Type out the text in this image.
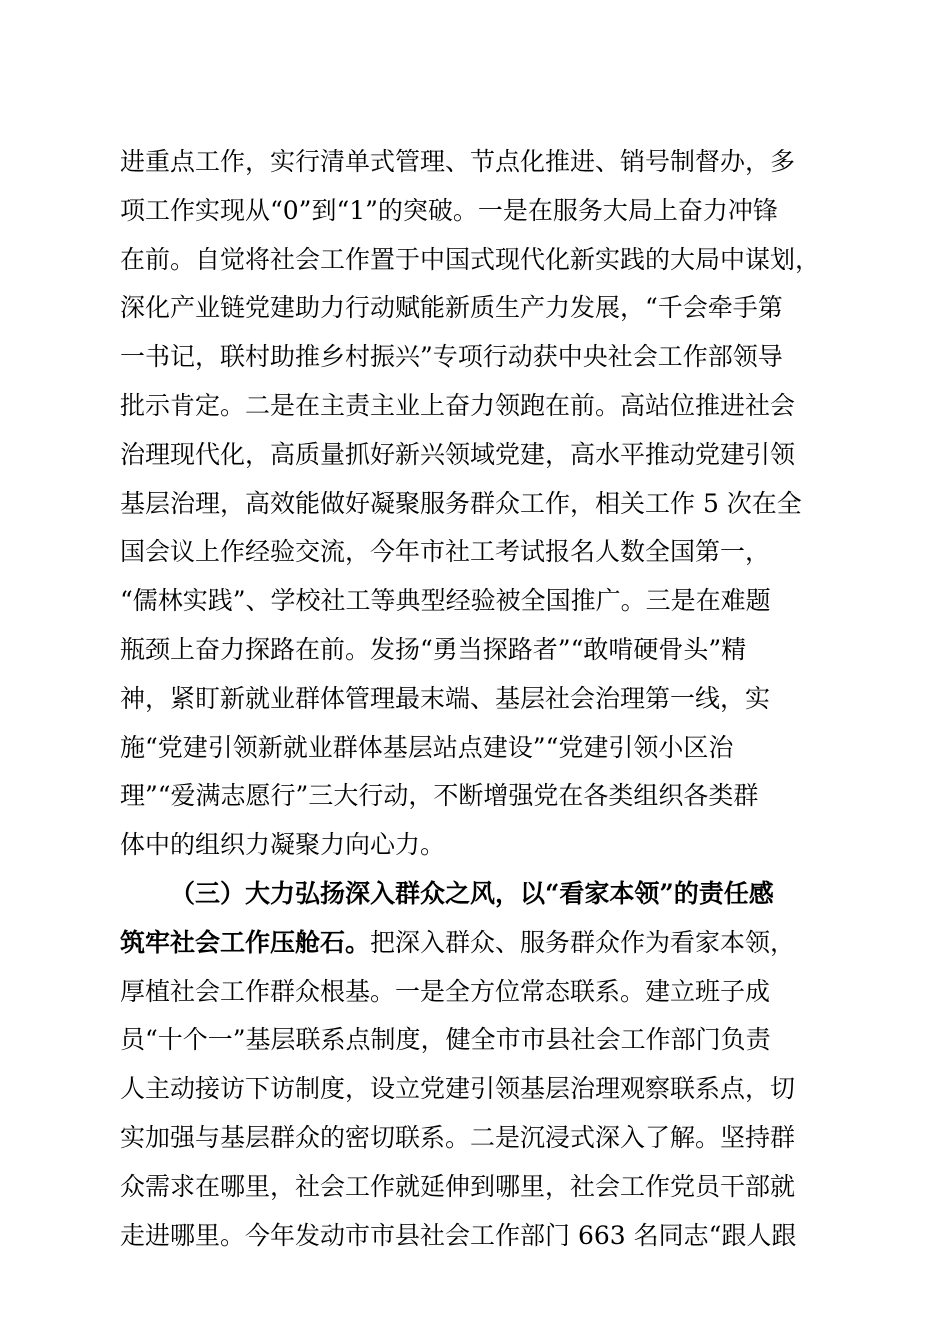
进重点工作，实行清单式管理、节点化推进、销号制督办，多
项工作实现从“0”到“1”的突破。一是在服务大局上奋力冲锋
在前。自觉将社会工作置于中国式现代化新实践的大局中谋划，
深化产业链党建助力行动赋能新质生产力发展，“千会牵手第
一书记，联村助推乡村振兴”专项行动获中央社会工作部领导
批示肯定。二是在主责主业上奋力领跑在前。高站位推进社会
治理现代化，高质量抓好新兴领域党建，高水平推动党建引领
基层治理，高效能做好凝聚服务群众工作，相关工作 5 次在全
国会议上作经验交流，今年市社工考试报名人数全国第一，
“儒林实践”、学校社工等典型经验被全国推广。三是在难题
瓶颈上奋力探路在前。发扬“勇当探路者”“敢啃硬骨头”精
神，紧盯新就业群体管理最末端、基层社会治理第一线，实
施“党建引领新就业群体基层站点建设”“党建引领小区治
理”“爱满志愿行”三大行动，不断增强党在各类组织各类群
体中的组织力凝聚力向心力。
（三）大力弘扬深入群众之风，以“看家本领”的责任感
筑牢社会工作压舱石。把深入群众、服务群众作为看家本领，
厚植社会工作群众根基。一是全方位常态联系。建立班子成
员“十个一”基层联系点制度，健全市市县社会工作部门负责
人主动接访下访制度，设立党建引领基层治理观察联系点，切
实加强与基层群众的密切联系。二是沉浸式深入了解。坚持群
众需求在哪里，社会工作就延伸到哪里，社会工作党员干部就
走进哪里。今年发动市市县社会工作部门 663 名同志“跟人跟
